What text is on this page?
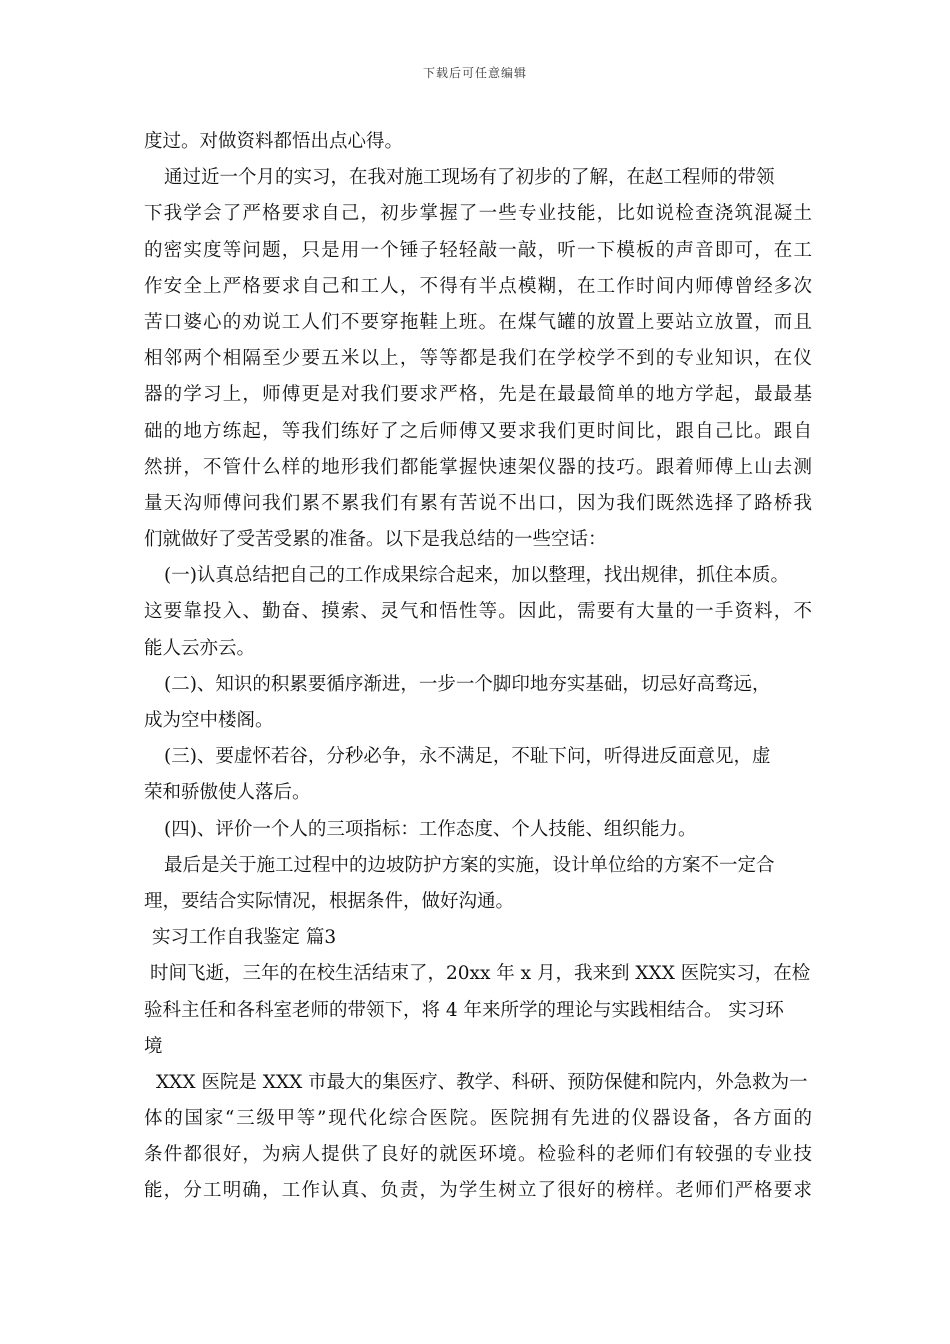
下载后可任意编辑
度过。对做资料都悟出点心得。
通过近一个月的实习，在我对施工现场有了初步的了解，在赵工程师的带领
下我学会了严格要求自己，初步掌握了一些专业技能，比如说检查浇筑混凝土
的密实度等问题，只是用一个锤子轻轻敲一敲，听一下模板的声音即可，在工
作安全上严格要求自己和工人，不得有半点模糊，在工作时间内师傅曾经多次
苦口婆心的劝说工人们不要穿拖鞋上班。在煤气罐的放置上要站立放置，而且
相邻两个相隔至少要五米以上，等等都是我们在学校学不到的专业知识，在仪
器的学习上，师傅更是对我们要求严格，先是在最最简单的地方学起，最最基
础的地方练起，等我们练好了之后师傅又要求我们更时间比，跟自己比。跟自
然拼，不管什么样的地形我们都能掌握快速架仪器的技巧。跟着师傅上山去测
量天沟师傅问我们累不累我们有累有苦说不出口，因为我们既然选择了路桥我
们就做好了受苦受累的准备。以下是我总结的一些空话：
(一)认真总结把自己的工作成果综合起来，加以整理，找出规律，抓住本质。
这要靠投入、勤奋、摸索、灵气和悟性等。因此，需要有大量的一手资料，不
能人云亦云。
(二)、知识的积累要循序渐进，一步一个脚印地夯实基础，切忌好高骛远，
成为空中楼阁。
(三)、要虚怀若谷，分秒必争，永不满足，不耻下问，听得进反面意见，虚
荣和骄傲使人落后。
(四)、评价一个人的三项指标：工作态度、个人技能、组织能力。
最后是关于施工过程中的边坡防护方案的实施，设计单位给的方案不一定合
理，要结合实际情况，根据条件，做好沟通。
实习工作自我鉴定 篇3
时间飞逝，三年的在校生活结束了，20xx 年 x 月，我来到 XXX 医院实习，在检
验科主任和各科室老师的带领下，将 4 年来所学的理论与实践相结合。 实习环
境
XXX 医院是 XXX 市最大的集医疗、教学、科研、预防保健和院内，外急救为一
体的国家“三级甲等”现代化综合医院。医院拥有先进的仪器设备，各方面的
条件都很好，为病人提供了良好的就医环境。检验科的老师们有较强的专业技
能，分工明确，工作认真、负责，为学生树立了很好的榜样。老师们严格要求
